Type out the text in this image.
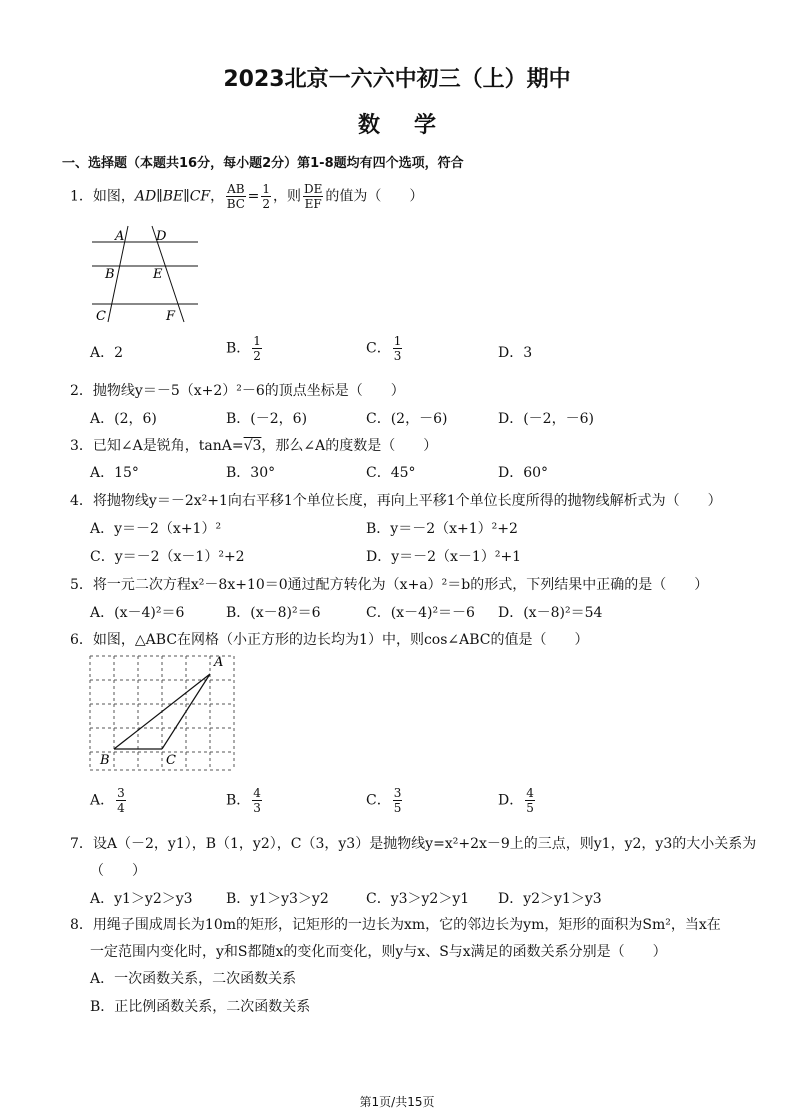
2023北京一六六中初三（上）期中
数学
一、选择题（本题共16分，每小题2分）第1-8题均有四个选项，符合
1．如图，AD∥BE∥CF， $\frac{AB}{BC} = \frac{1}{2}$ ，则 $\frac{DE}{EF}$ 的值为（　　）
A D
B	E
C	F
A．2	B． $\frac{1}{2}$	C． $\frac{1}{3}$	D．3
2．抛物线y＝－5（x+2）²－6的顶点坐标是（　　）
A．(2，6)	B．(－2，6)	C．(2，－6)	D．(－2，－6)
3．已知∠A是锐角，tanA=√3，那么∠A的度数是（　　）
A．15°	B．30°	C．45°	D．60°
4．将抛物线y＝－2x²+1向右平移1个单位长度，再向上平移1个单位长度所得的抛物线解析式为（　　）
A．y＝－2（x+1）²	B．y＝－2（x+1）²+2
C．y＝－2（x－1）²+2	D．y＝－2（x－1）²+1
5．将一元二次方程x²－8x+10＝0通过配方转化为（x+a）²＝b的形式，下列结果中正确的是（　　）
A．(x－4)²＝6	B．(x－8)²＝6	C．(x－4)²＝－6 D．(x－8)²＝54
6．如图，△ABC在网格（小正方形的边长均为1）中，则cos∠ABC的值是（　　）
A
B	C
A． $\frac{3}{4}$	B． $\frac{4}{3}$	C． $\frac{3}{5}$	D． $\frac{4}{5}$
7．设A（－2，y1），B（1，y2），C（3，y3）是抛物线y=x²+2x－9上的三点，则y1，y2，y3的大小关系为
（　　）
A．y1＞y2＞y3 B．y1＞y3＞y2	C．y3＞y2＞y1 D．y2＞y1＞y3
8．用绳子围成周长为10m的矩形，记矩形的一边长为xm，它的邻边长为ym，矩形的面积为Sm²，当x在
一定范围内变化时，y和S都随x的变化而变化，则y与x、S与x满足的函数关系分别是（　　）
A．一次函数关系，二次函数关系
B．正比例函数关系，二次函数关系
第1页/共15页
